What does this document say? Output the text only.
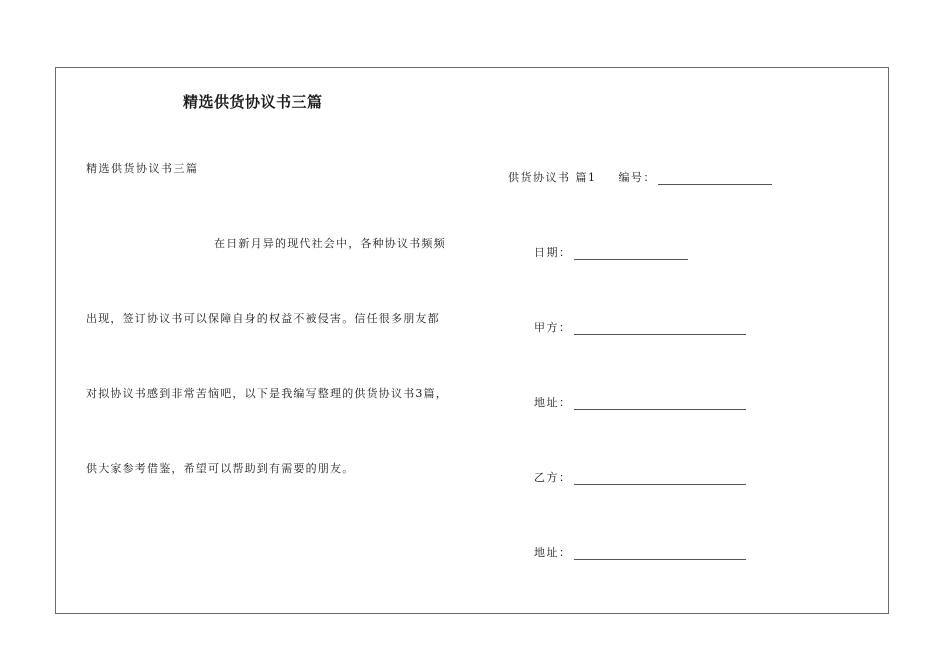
精选供货协议书三篇
精选供货协议书三篇
在日新月异的现代社会中，各种协议书频频
出现，签订协议书可以保障自身的权益不被侵害。信任很多朋友都
对拟协议书感到非常苦恼吧，以下是我编写整理的供货协议书3篇，
供大家参考借鉴，希望可以帮助到有需要的朋友。
供货协议书 篇1 编号：
日期：
甲方：
地址：
乙方：
地址：
